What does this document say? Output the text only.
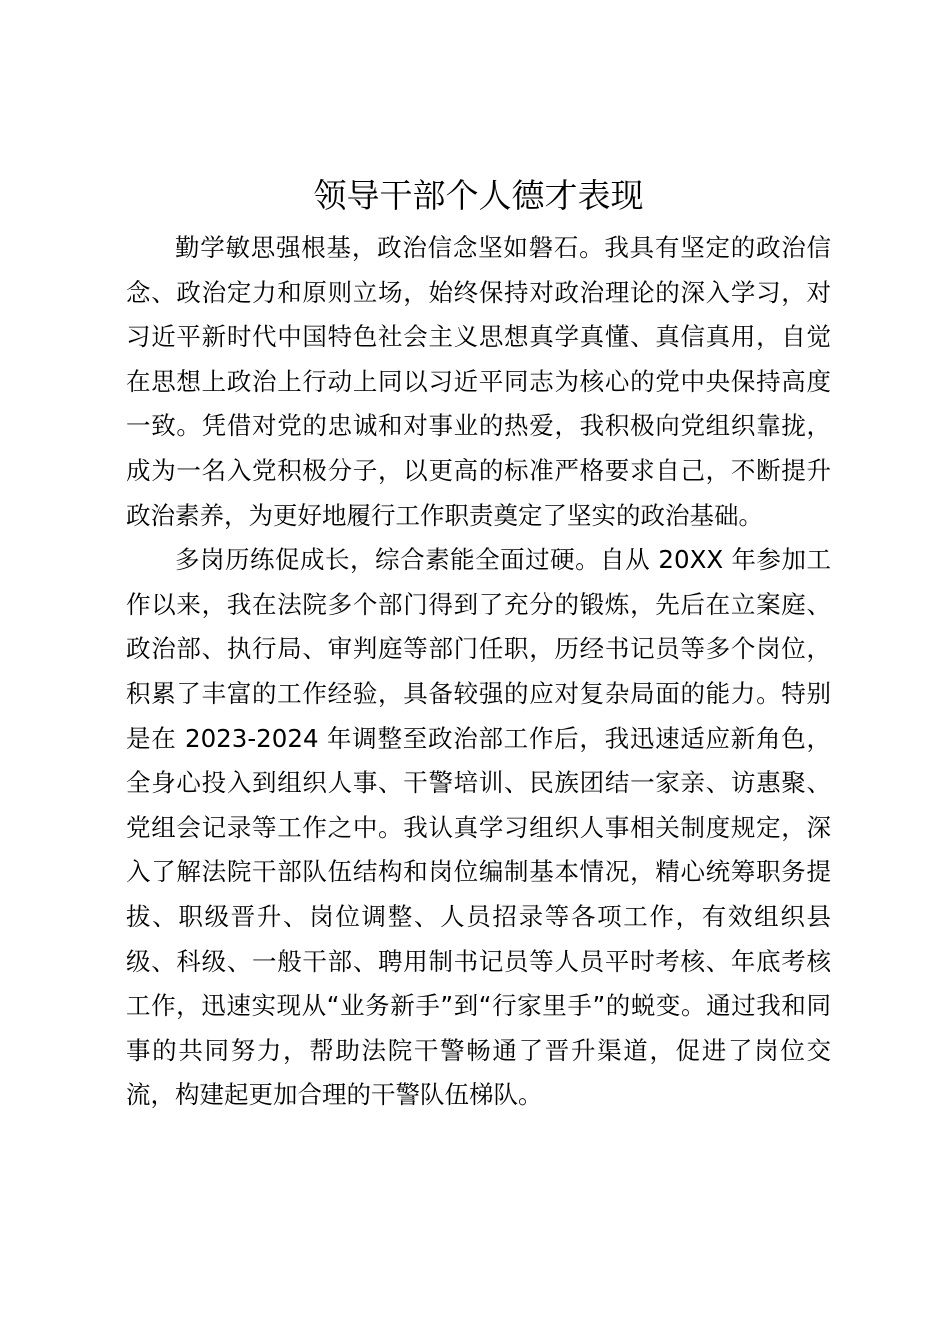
领导干部个人德才表现

勤学敏思强根基，政治信念坚如磐石。我具有坚定的政治信念、政治定力和原则立场，始终保持对政治理论的深入学习，对习近平新时代中国特色社会主义思想真学真懂、真信真用，自觉在思想上政治上行动上同以习近平同志为核心的党中央保持高度一致。凭借对党的忠诚和对事业的热爱，我积极向党组织靠拢，成为一名入党积极分子，以更高的标准严格要求自己，不断提升政治素养，为更好地履行工作职责奠定了坚实的政治基础。

多岗历练促成长，综合素能全面过硬。自从 20XX 年参加工作以来，我在法院多个部门得到了充分的锻炼，先后在立案庭、政治部、执行局、审判庭等部门任职，历经书记员等多个岗位，积累了丰富的工作经验，具备较强的应对复杂局面的能力。特别是在 2023-2024 年调整至政治部工作后，我迅速适应新角色，全身心投入到组织人事、干警培训、民族团结一家亲、访惠聚、党组会记录等工作之中。我认真学习组织人事相关制度规定，深入了解法院干部队伍结构和岗位编制基本情况，精心统筹职务提拔、职级晋升、岗位调整、人员招录等各项工作，有效组织县级、科级、一般干部、聘用制书记员等人员平时考核、年底考核工作，迅速实现从“业务新手”到“行家里手”的蜕变。通过我和同事的共同努力，帮助法院干警畅通了晋升渠道，促进了岗位交流，构建起更加合理的干警队伍梯队。
